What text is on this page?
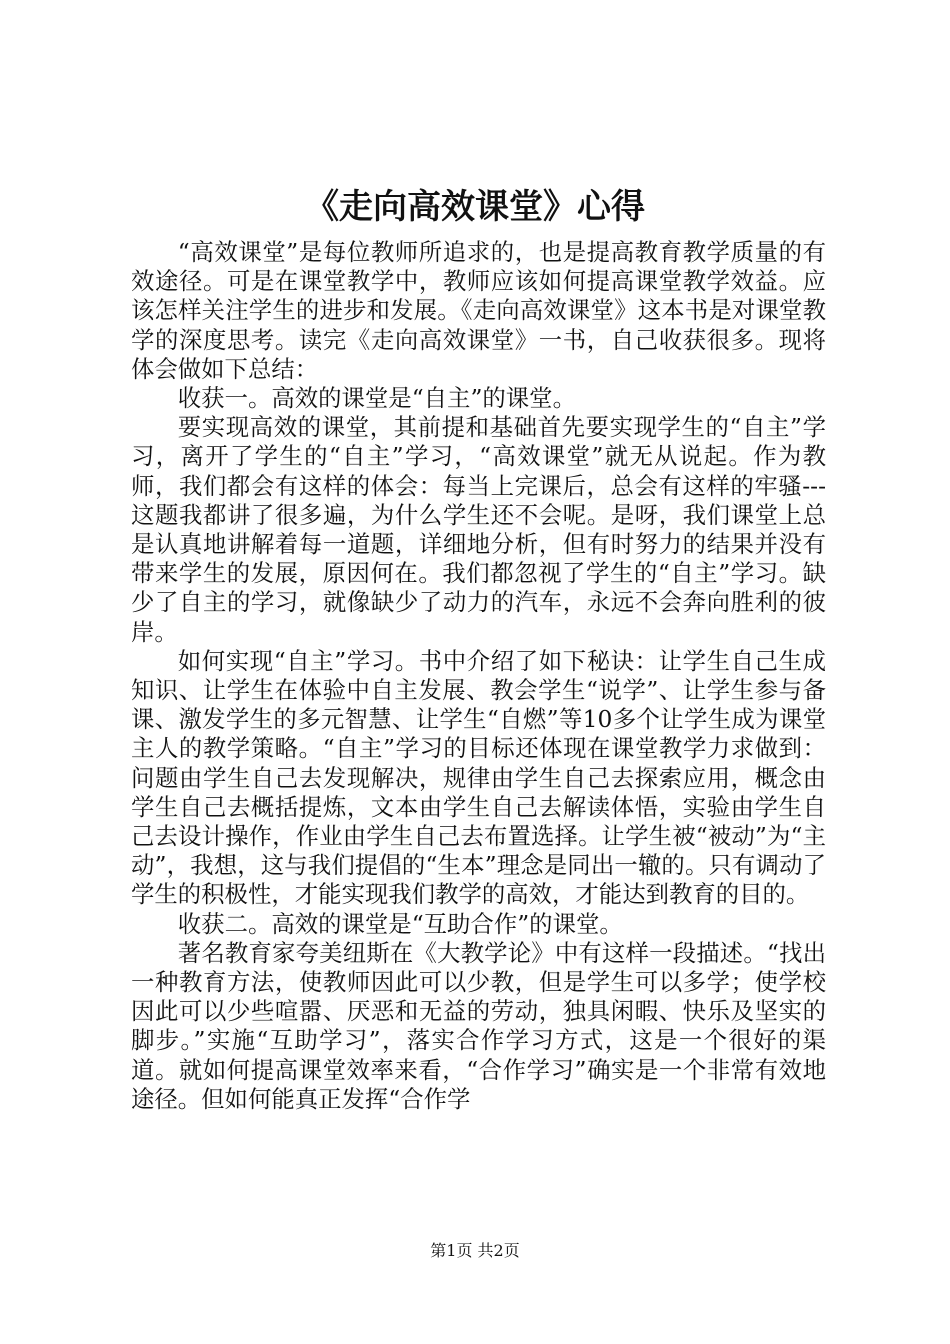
《走向高效课堂》心得

“高效课堂”是每位教师所追求的，也是提高教育教学质量的有效途径。可是在课堂教学中，教师应该如何提高课堂教学效益。应该怎样关注学生的进步和发展。《走向高效课堂》这本书是对课堂教学的深度思考。读完《走向高效课堂》一书，自己收获很多。现将体会做如下总结：

收获一。高效的课堂是“自主”的课堂。

要实现高效的课堂，其前提和基础首先要实现学生的“自主”学习，离开了学生的“自主”学习，“高效课堂”就无从说起。作为教师，我们都会有这样的体会：每当上完课后，总会有这样的牢骚---这题我都讲了很多遍，为什么学生还不会呢。是呀，我们课堂上总是认真地讲解着每一道题，详细地分析，但有时努力的结果并没有带来学生的发展，原因何在。我们都忽视了学生的“自主”学习。缺少了自主的学习，就像缺少了动力的汽车，永远不会奔向胜利的彼岸。

如何实现“自主”学习。书中介绍了如下秘诀：让学生自己生成知识、让学生在体验中自主发展、教会学生“说学”、让学生参与备课、激发学生的多元智慧、让学生“自燃”等10多个让学生成为课堂主人的教学策略。“自主”学习的目标还体现在课堂教学力求做到：问题由学生自己去发现解决，规律由学生自己去探索应用，概念由学生自己去概括提炼，文本由学生自己去解读体悟，实验由学生自己去设计操作，作业由学生自己去布置选择。让学生被“被动”为“主动”，我想，这与我们提倡的“生本”理念是同出一辙的。只有调动了学生的积极性，才能实现我们教学的高效，才能达到教育的目的。

收获二。高效的课堂是“互助合作”的课堂。

著名教育家夸美纽斯在《大教学论》中有这样一段描述。“找出一种教育方法，使教师因此可以少教，但是学生可以多学；使学校因此可以少些喧嚣、厌恶和无益的劳动，独具闲暇、快乐及坚实的脚步。”实施“互助学习”，落实合作学习方式，这是一个很好的渠道。就如何提高课堂效率来看，“合作学习”确实是一个非常有效地途径。但如何能真正发挥“合作学

第1页 共2页
